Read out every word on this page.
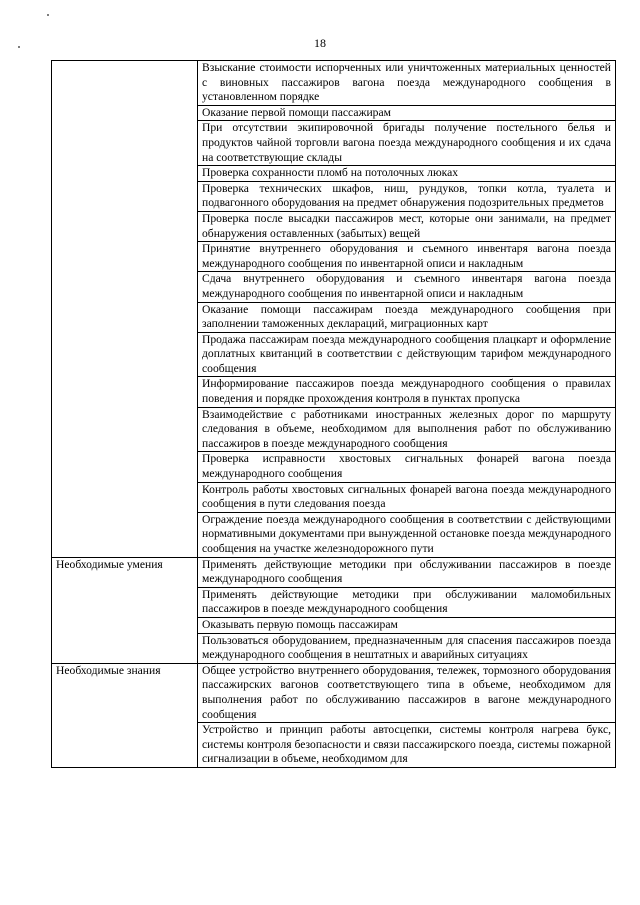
18
	Взыскание стоимости испорченных или уничтоженных материальных ценностей с виновных пассажиров вагона поезда международного сообщения в установленном порядке
	Оказание первой помощи пассажирам
	При отсутствии экипировочной бригады получение постельного белья и продуктов чайной торговли вагона поезда международного сообщения и их сдача на соответствующие склады
	Проверка сохранности пломб на потолочных люках
	Проверка технических шкафов, ниш, рундуков, топки котла, туалета и подвагонного оборудования на предмет обнаружения подозрительных предметов
	Проверка после высадки пассажиров мест, которые они занимали, на предмет обнаружения оставленных (забытых) вещей
	Принятие внутреннего оборудования и съемного инвентаря вагона поезда международного сообщения по инвентарной описи и накладным
	Сдача внутреннего оборудования и съемного инвентаря вагона поезда международного сообщения по инвентарной описи и накладным
	Оказание помощи пассажирам поезда международного сообщения при заполнении таможенных деклараций, миграционных карт
	Продажа пассажирам поезда международного сообщения плацкарт и оформление доплатных квитанций в соответствии с действующим тарифом международного сообщения
	Информирование пассажиров поезда международного сообщения о правилах поведения и порядке прохождения контроля в пунктах пропуска
	Взаимодействие с работниками иностранных железных дорог по маршруту следования в объеме, необходимом для выполнения работ по обслуживанию пассажиров в поезде международного сообщения
	Проверка исправности хвостовых сигнальных фонарей вагона поезда международного сообщения
	Контроль работы хвостовых сигнальных фонарей вагона поезда международного сообщения в пути следования поезда
	Ограждение поезда международного сообщения в соответствии с действующими нормативными документами при вынужденной остановке поезда международного сообщения на участке железнодорожного пути
Необходимые умения	Применять действующие методики при обслуживании пассажиров в поезде международного сообщения
	Применять действующие методики при обслуживании маломобильных пассажиров в поезде международного сообщения
	Оказывать первую помощь пассажирам
	Пользоваться оборудованием, предназначенным для спасения пассажиров поезда международного сообщения в нештатных и аварийных ситуациях
Необходимые знания	Общее устройство внутреннего оборудования, тележек, тормозного оборудования пассажирских вагонов соответствующего типа в объеме, необходимом для выполнения работ по обслуживанию пассажиров в вагоне международного сообщения
	Устройство и принцип работы автосцепки, системы контроля нагрева букс, системы контроля безопасности и связи пассажирского поезда, системы пожарной сигнализации в объеме, необходимом для
